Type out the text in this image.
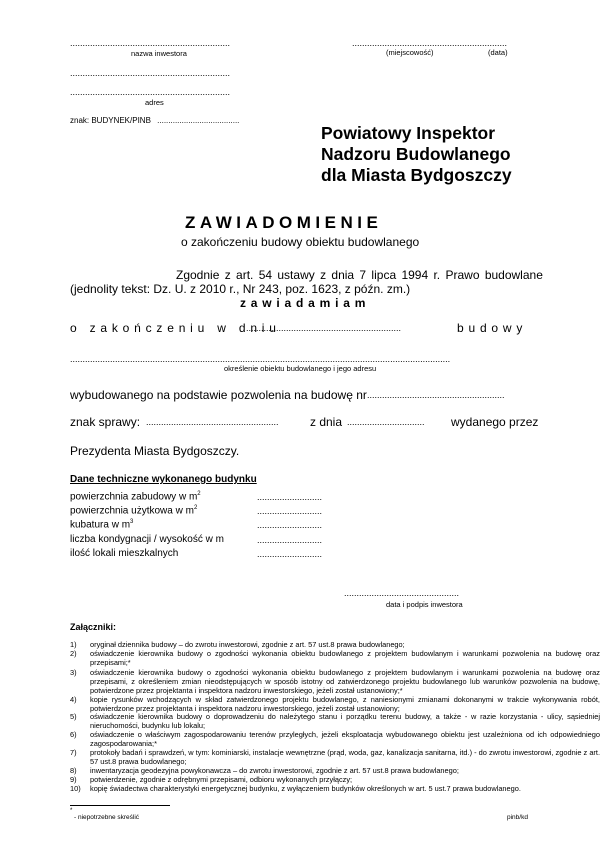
................................................................
nazwa inwestora
................................................................
................................................................
adres
..............................................................
(miejscowość)	(data)
znak: BUDYNEK/PINB .....................................
Powiatowy Inspektor
Nadzoru Budowlanego
dla Miasta Bydgoszczy
ZAWIADOMIENIE
o zakończeniu budowy obiektu budowlanego
Zgodnie z art. 54 ustawy z dnia 7 lipca 1994 r. Prawo budowlane
(jednolity tekst: Dz. U. z 2010 r., Nr 243, poz. 1623, z późn. zm.)
zawiadamiam
o zakończeniu w dniu
..............................................................	budowy
........................................................................................................................................................
określenie obiektu budowlanego i jego adresu
wybudowanego na podstawie pozwolenia na budowę nr .......................................................
znak sprawy: .....................................................	z dnia ............................... wydanego przez
Prezydenta Miasta Bydgoszczy.
Dane techniczne wykonanego budynku
powierzchnia zabudowy w $m^2$	..........................
powierzchnia użytkowa w $m^2$	..........................
kubatura w $m^3$	..........................
liczba kondygnacji / wysokość w m	..........................
ilość lokali mieszkalnych	..........................
..............................................
data i podpis inwestora
Załączniki:
1) oryginał dziennika budowy – do zwrotu inwestorowi, zgodnie z art. 57 ust.8 prawa budowlanego;
2) oświadczenie kierownika budowy o zgodności wykonania obiektu budowlanego z projektem budowlanym i warunkami pozwolenia na budowę oraz przepisami;*
3) oświadczenie kierownika budowy o zgodności wykonania obiektu budowlanego z projektem budowlanym i warunkami pozwolenia na budowę oraz przepisami, z określeniem zmian nieodstępujących w sposób istotny od zatwierdzonego projektu budowlanego lub warunków pozwolenia na budowę, potwierdzone przez projektanta i inspektora nadzoru inwestorskiego, jeżeli został ustanowiony;*
4) kopie rysunków wchodzących w skład zatwierdzonego projektu budowlanego, z naniesionymi zmianami dokonanymi w trakcie wykonywania robót, potwierdzone przez projektanta i inspektora nadzoru inwestorskiego, jeżeli został ustanowiony;
5) oświadczenie kierownika budowy o doprowadzeniu do należytego stanu i porządku terenu budowy, a także - w razie korzystania - ulicy, sąsiedniej nieruchomości, budynku lub lokalu;
6) oświadczenie o właściwym zagospodarowaniu terenów przyległych, jeżeli eksploatacja wybudowanego obiektu jest uzależniona od ich odpowiedniego zagospodarowania;*
7) protokoły badań i sprawdzeń, w tym: kominiarski, instalacje wewnętrzne (prąd, woda, gaz, kanalizacja sanitarna, itd.) - do zwrotu inwestorowi, zgodnie z art. 57 ust.8 prawa budowlanego;
8) inwentaryzacja geodezyjna powykonawcza – do zwrotu inwestorowi, zgodnie z art. 57 ust.8 prawa budowlanego;
9) potwierdzenie, zgodnie z odrębnymi przepisami, odbioru wykonanych przyłączy;
10) kopię świadectwa charakterystyki energetycznej budynku, z wyłączeniem budynków określonych w art. 5 ust.7 prawa budowlanego.
*
- niepotrzebne skreślić	pinb/kd
